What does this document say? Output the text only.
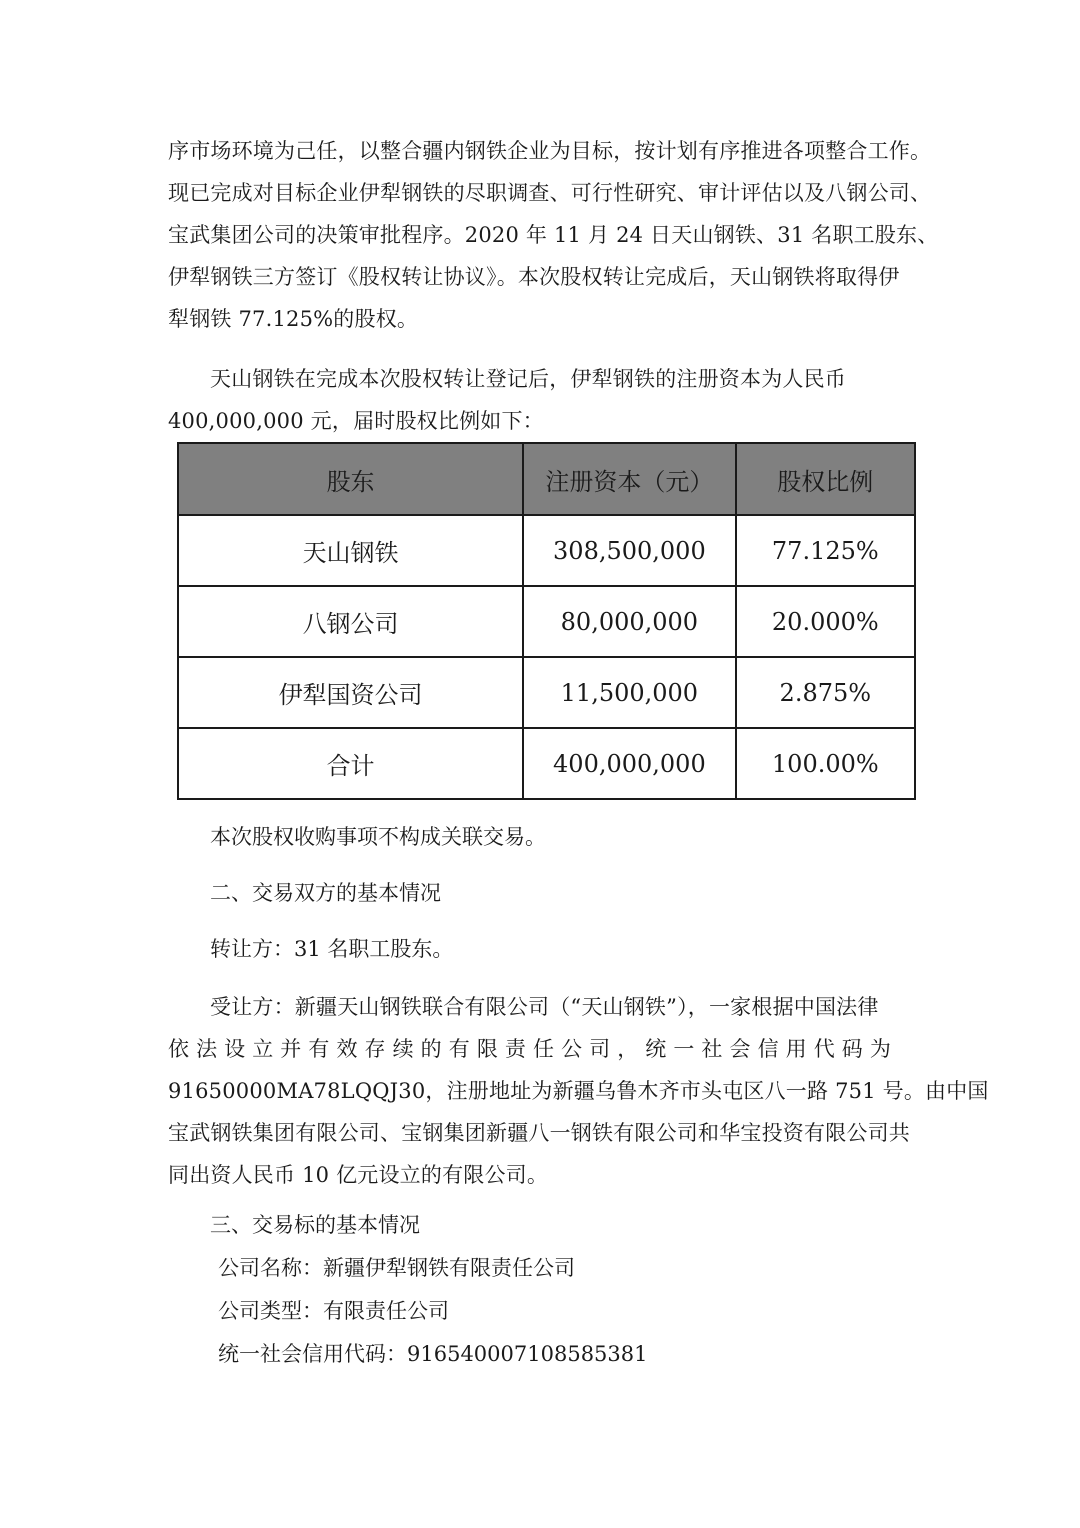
序市场环境为己任，以整合疆内钢铁企业为目标，按计划有序推进各项整合工作。
现已完成对目标企业伊犁钢铁的尽职调查、可行性研究、审计评估以及八钢公司、
宝武集团公司的决策审批程序。2020 年 11 月 24 日天山钢铁、31 名职工股东、
伊犁钢铁三方签订《股权转让协议》。本次股权转让完成后，天山钢铁将取得伊
犁钢铁 77.125%的股权。

天山钢铁在完成本次股权转让登记后，伊犁钢铁的注册资本为人民币
400,000,000 元，届时股权比例如下：

股东	注册资本（元）	股权比例
天山钢铁	308,500,000	77.125%
八钢公司	80,000,000	20.000%
伊犁国资公司	11,500,000	2.875%
合计	400,000,000	100.00%

本次股权收购事项不构成关联交易。

二、交易双方的基本情况

转让方：31 名职工股东。

受让方：新疆天山钢铁联合有限公司（“天山钢铁”），一家根据中国法律
依 法 设 立 并 有 效 存 续 的 有 限 责 任 公 司 ， 统 一 社 会 信 用 代 码 为
91650000MA78LQQJ30，注册地址为新疆乌鲁木齐市头屯区八一路 751 号。由中国
宝武钢铁集团有限公司、宝钢集团新疆八一钢铁有限公司和华宝投资有限公司共
同出资人民币 10 亿元设立的有限公司。

三、交易标的基本情况

公司名称：新疆伊犁钢铁有限责任公司

公司类型：有限责任公司

统一社会信用代码：91654000710858538​1
